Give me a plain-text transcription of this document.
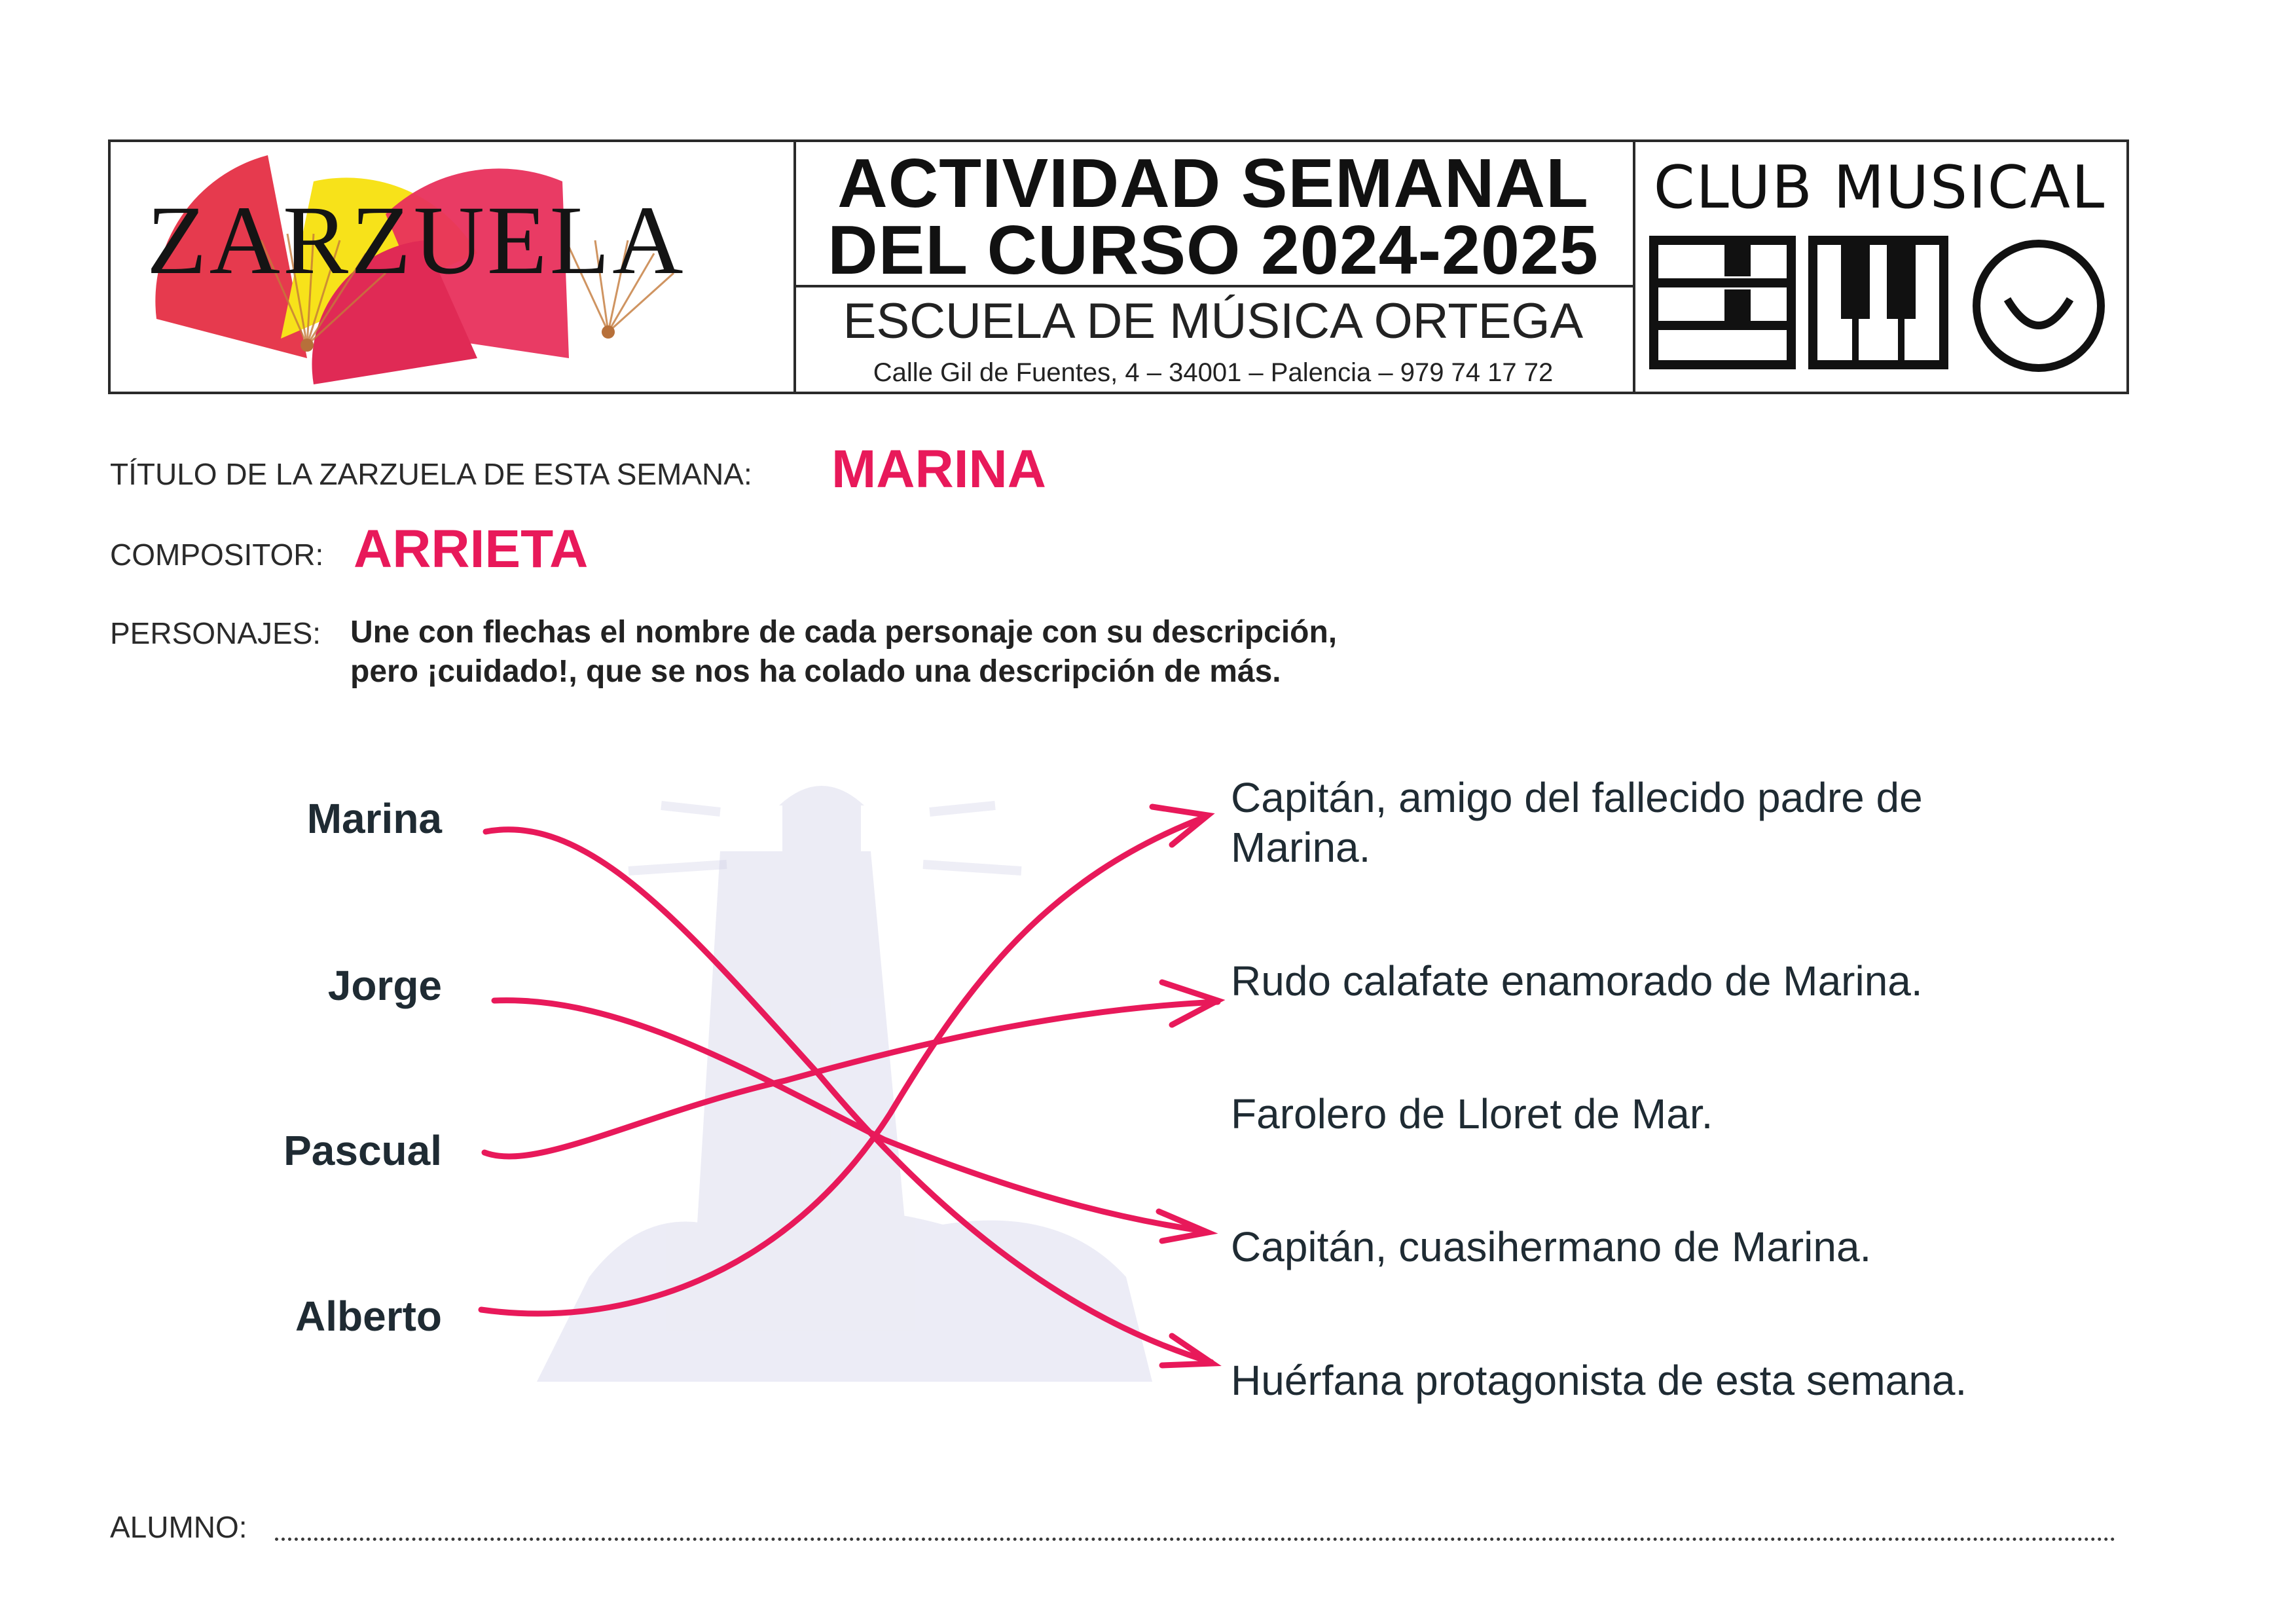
ZARZUELA
ACTIVIDAD SEMANAL
DEL CURSO 2024-2025
ESCUELA DE MÚSICA ORTEGA
Calle Gil de Fuentes, 4 – 34001 – Palencia – 979 74 17 72
CLUB MUSICAL
TÍTULO DE LA ZARZUELA DE ESTA SEMANA: MARINA
COMPOSITOR: ARRIETA
PERSONAJES: Une con flechas el nombre de cada personaje con su descripción,
pero ¡cuidado!, que se nos ha colado una descripción de más.
Marina
Jorge
Pascual
Alberto
Capitán, amigo del fallecido padre de
Marina.
Rudo calafate enamorado de Marina.
Farolero de Lloret de Mar.
Capitán, cuasihermano de Marina.
Huérfana protagonista de esta semana.
ALUMNO:
